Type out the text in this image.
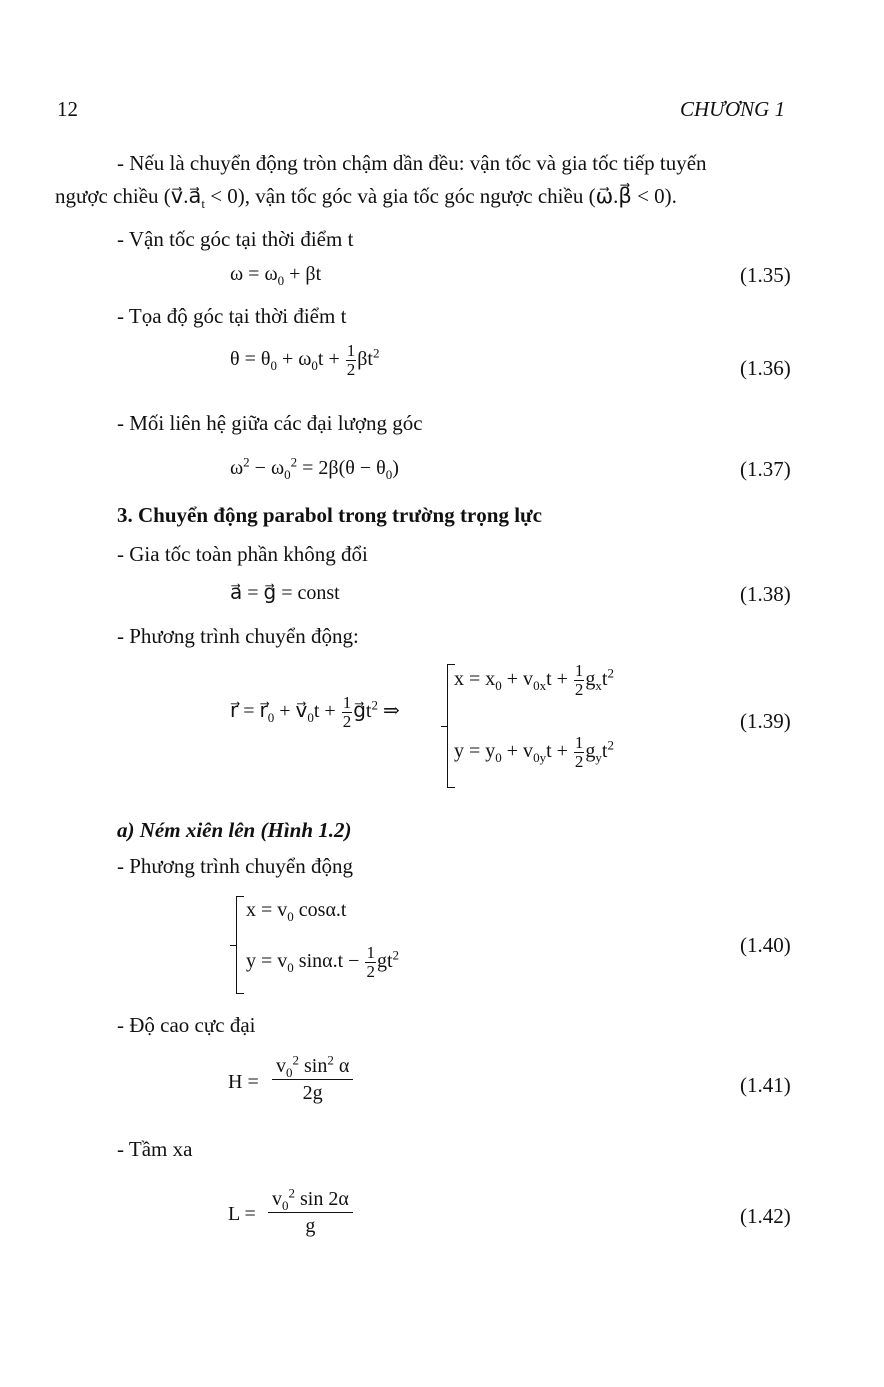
12	CHƯƠNG 1
- Nếu là chuyển động tròn chậm dần đều: vận tốc và gia tốc tiếp tuyến
ngược chiều $(v⃗.a⃗_t < 0)$, vận tốc góc và gia tốc góc ngược chiều (ω⃗.β⃗ < 0).
- Vận tốc góc tại thời điểm t
$\omega = \omega_0 + \beta t$	(1.35)
- Tọa độ góc tại thời điểm t
$\theta = \theta_0 + \omega_0t + \frac{1}{2} \beta t^2$
(1.36)
- Mối liên hệ giữa các đại lượng góc
$\omega^2 - \omega_0^2 = 2\beta(\theta - \theta_0)$	(1.37)
3. Chuyển động parabol trong trường trọng lực
- Gia tốc toàn phần không đổi
a⃗ = g⃗ = const	(1.38)
- Phương trình chuyển động:
r⃗ = $r⃗_0$ + $v⃗_0t + \frac{1}{2}$ $g⃗t^2$ ⇒
$x = x_0 + v_{0x}t + \frac{1}{2} g_xt^2$
$y = y_0 + v_{0y}t + \frac{1}{2} g_yt^2$
(1.39)
a) Ném xiên lên (Hình 1.2)
- Phương trình chuyển động
$x = v_0$ cosα.t
$y = v_0$ $\sin\alpha.t - \frac{1}{2} gt^2$	(1.40)
- Độ cao cực đại
$H = \frac{v_0^2 \sin^2 \alpha}{2g}$	(1.41)
- Tầm xa
$L = \frac{v_0^2 \sin 2\alpha}{g}$	(1.42)
